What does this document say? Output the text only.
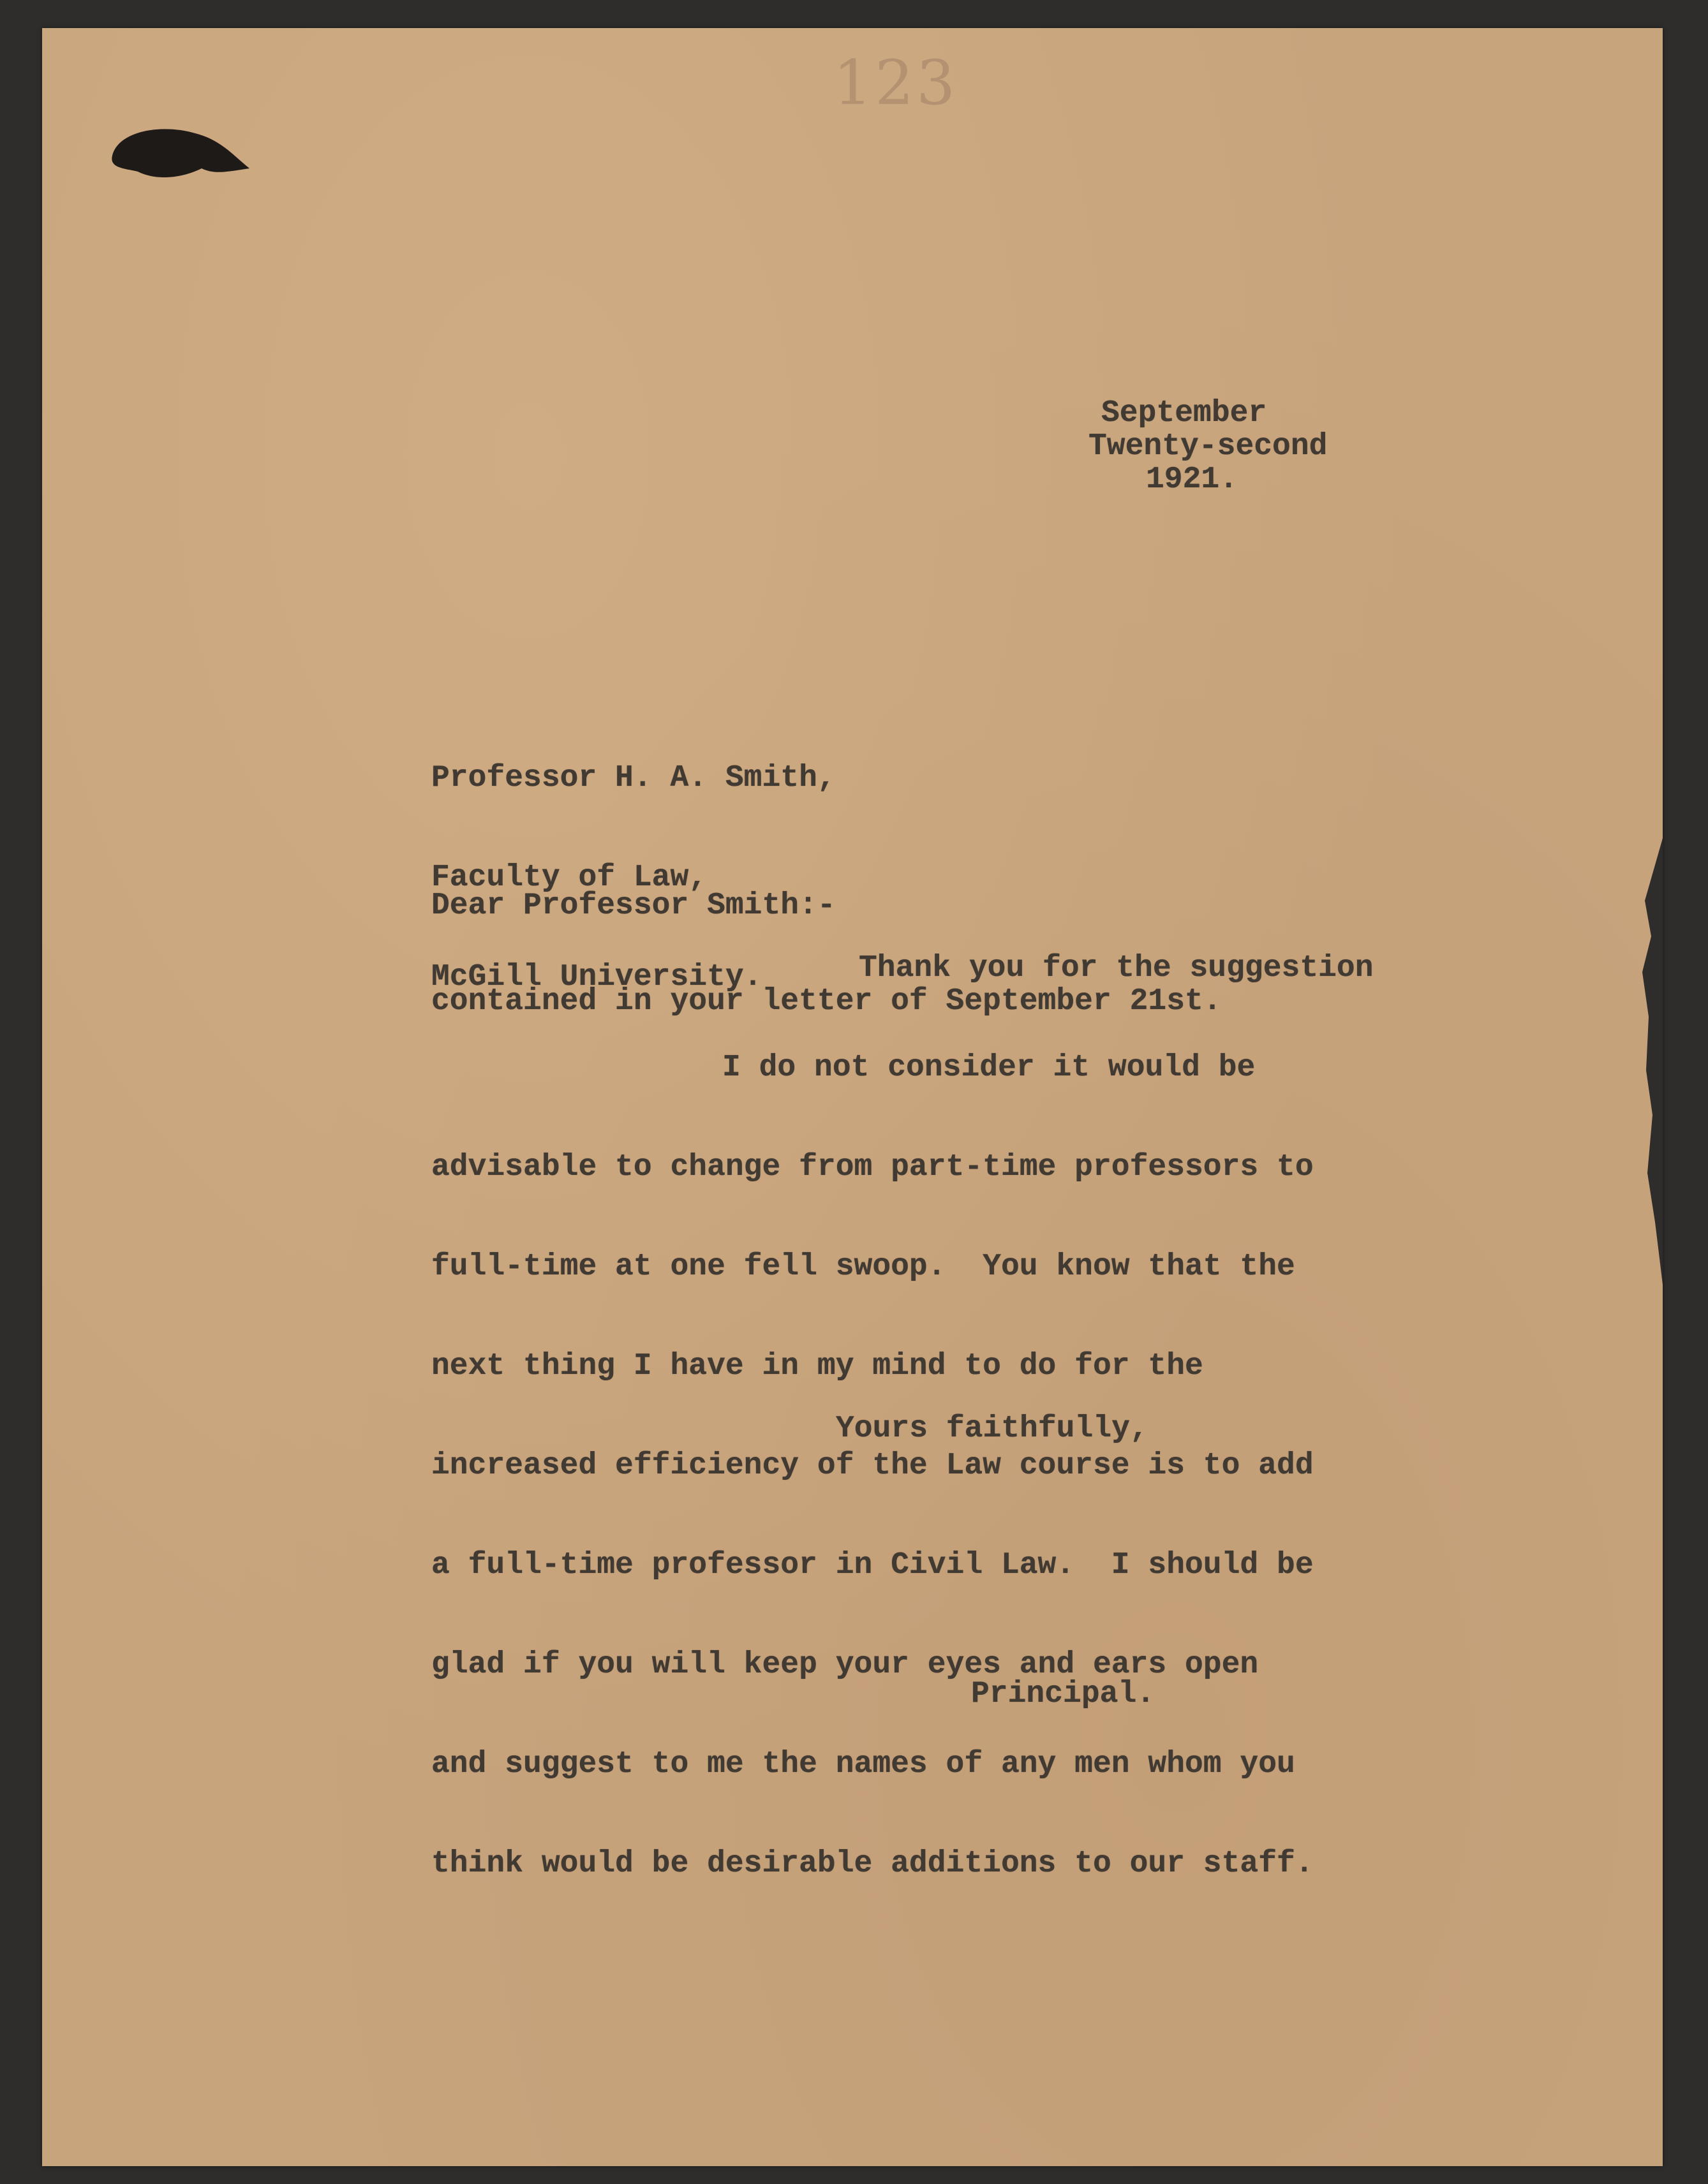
123
September
Twenty-second
1921.

Professor H. A. Smith,

Faculty of Law,

McGill University.

Dear Professor Smith:-
Thank you for the suggestion
contained in your letter of September 21st.
I do not consider it would be

advisable to change from part-time professors to

full-time at one fell swoop.  You know that the

next thing I have in my mind to do for the

increased efficiency of the Law course is to add

a full-time professor in Civil Law.  I should be

glad if you will keep your eyes and ears open

and suggest to me the names of any men whom you

think would be desirable additions to our staff.

Yours faithfully,
Principal.
